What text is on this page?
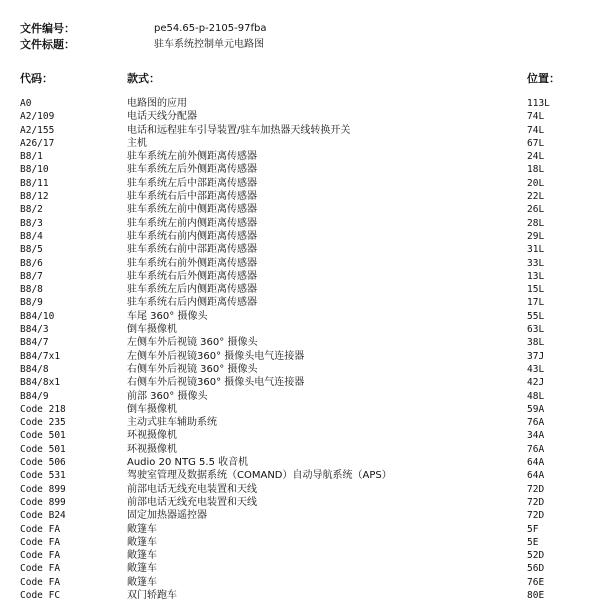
文件编号：	pe54.65-p-2105-97fba
文件标题：	驻车系统控制单元电路图
代码：	款式：	位置：
A0	电路图的应用	113L
A2/109	电话天线分配器	74L
A2/155	电话和远程驻车引导装置/驻车加热器天线转换开关	74L
A26/17	主机	67L
B8/1	驻车系统左前外侧距离传感器	24L
B8/10	驻车系统左后外侧距离传感器	18L
B8/11	驻车系统左后中部距离传感器	20L
B8/12	驻车系统右后中部距离传感器	22L
B8/2	驻车系统左前中侧距离传感器	26L
B8/3	驻车系统左前内侧距离传感器	28L
B8/4	驻车系统右前内侧距离传感器	29L
B8/5	驻车系统右前中部距离传感器	31L
B8/6	驻车系统右前外侧距离传感器	33L
B8/7	驻车系统右后外侧距离传感器	13L
B8/8	驻车系统左后内侧距离传感器	15L
B8/9	驻车系统右后内侧距离传感器	17L
B84/10	车尾 360° 摄像头	55L
B84/3	倒车摄像机	63L
B84/7	左侧车外后视镜 360° 摄像头	38L
B84/7x1	左侧车外后视镜360° 摄像头电气连接器	37J
B84/8	右侧车外后视镜 360° 摄像头	43L
B84/8x1	右侧车外后视镜360° 摄像头电气连接器	42J
B84/9	前部 360° 摄像头	48L
Code 218	倒车摄像机	59A
Code 235	主动式驻车辅助系统	76A
Code 501	环视摄像机	34A
Code 501	环视摄像机	76A
Code 506	Audio 20 NTG 5.5 收音机	64A
Code 531	驾驶室管理及数据系统（COMAND）自动导航系统（APS）	64A
Code 899	前部电话无线充电装置和天线	72D
Code 899	前部电话无线充电装置和天线	72D
Code B24	固定加热器遥控器	72D
Code FA	敞篷车	5F
Code FA	敞篷车	5E
Code FA	敞篷车	52D
Code FA	敞篷车	56D
Code FA	敞篷车	76E
Code FC	双门轿跑车	80E
